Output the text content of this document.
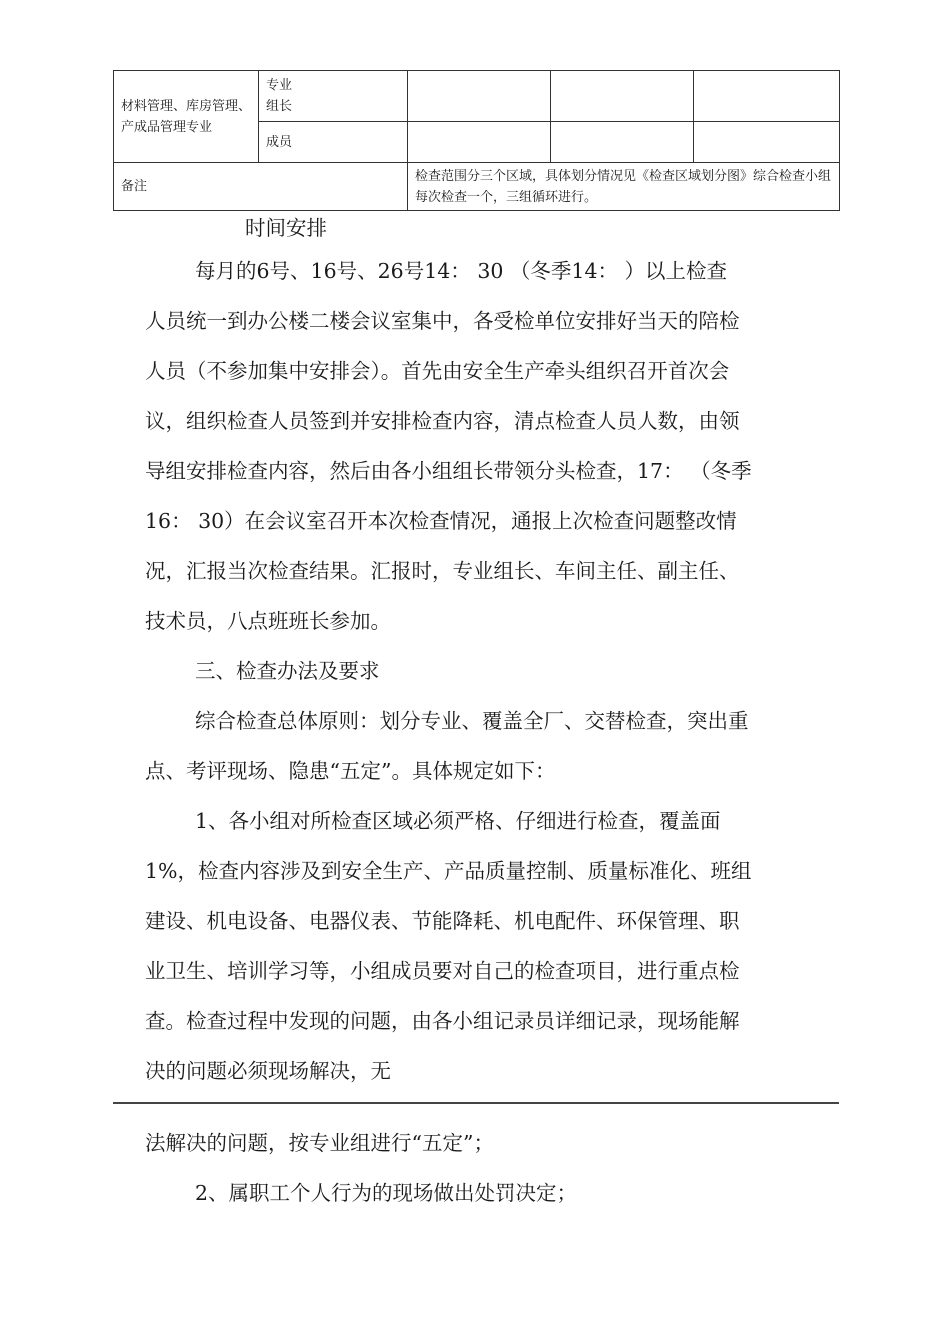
材料管理、库房管理、产成品管理专业	专业组长			

	成员			
备注		检查范围分三个区域，具体划分情况见《检查区域划分图》综合检查小组每次检查一个，三组循环进行。		
时间安排
每月的6号、16号、26号14： 30 （冬季14： ）以上检查
人员统一到办公楼二楼会议室集中，各受检单位安排好当天的陪检
人员（不参加集中安排会）。首先由安全生产牵头组织召开首次会
议，组织检查人员签到并安排检查内容，清点检查人员人数，由领
导组安排检查内容，然后由各小组组长带领分头检查，17： （冬季
16： 30）在会议室召开本次检查情况，通报上次检查问题整改情
况，汇报当次检查结果。汇报时，专业组长、车间主任、副主任、
技术员，八点班班长参加。
三、检查办法及要求
综合检查总体原则：划分专业、覆盖全厂、交替检查，突出重
点、考评现场、隐患“五定”。具体规定如下：
1、各小组对所检查区域必须严格、仔细进行检查，覆盖面
1%，检查内容涉及到安全生产、产品质量控制、质量标准化、班组
建设、机电设备、电器仪表、节能降耗、机电配件、环保管理、职
业卫生、培训学习等，小组成员要对自己的检查项目，进行重点检
查。检查过程中发现的问题，由各小组记录员详细记录，现场能解
决的问题必须现场解决，无
法解决的问题，按专业组进行“五定”；
2、属职工个人行为的现场做出处罚决定；
